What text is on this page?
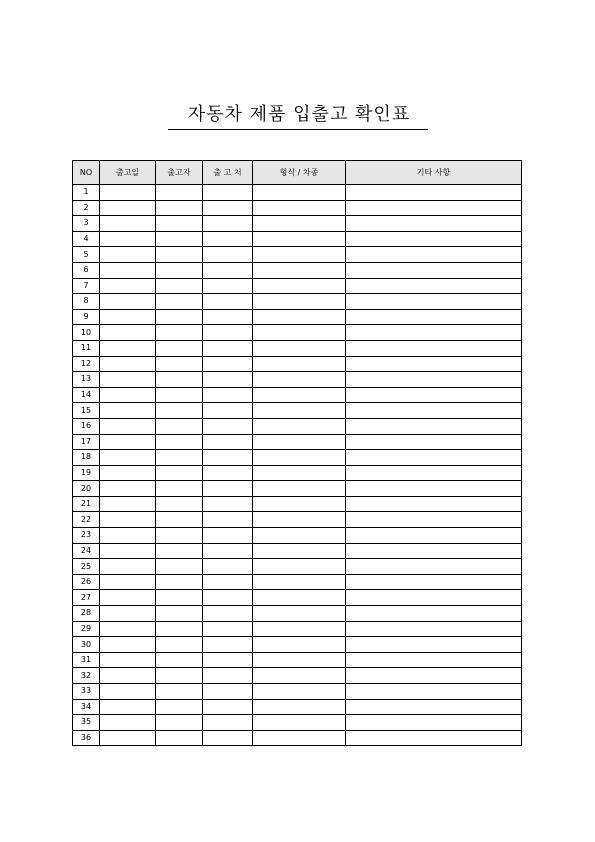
자동차 제품 입출고 확인표
NO	출고일	출고자	출 고 처	형식 / 차종	기타 사항
1					
2					
3					
4					
5					
6					
7					
8					
9					
10					
11					
12					
13					
14					
15					
16					
17					
18					
19					
20					
21					
22					
23					
24					
25					
26					
27					
28					
29					
30					
31					
32					
33					
34					
35					
36					
